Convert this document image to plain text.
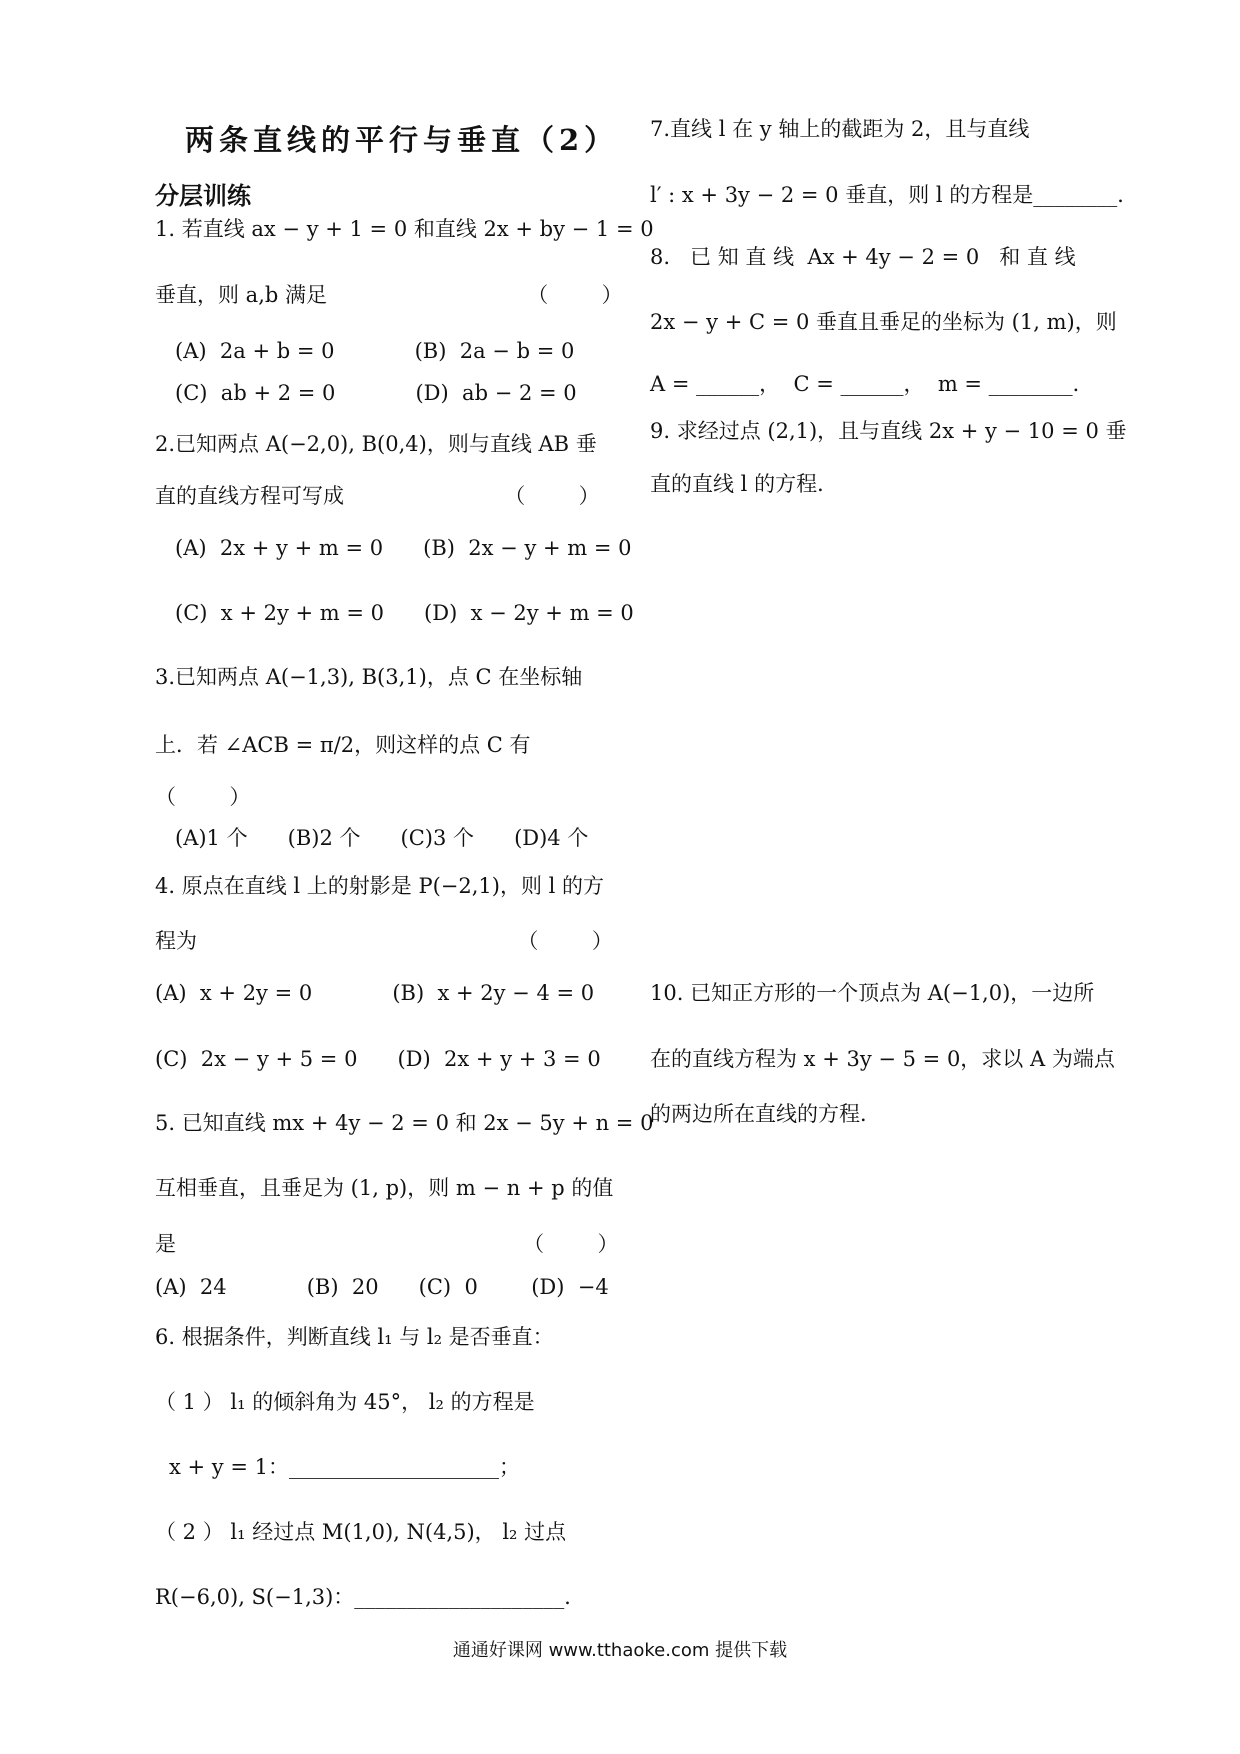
两条直线的平行与垂直（2）
分层训练
1. 若直线 ax − y + 1 = 0 和直线 2x + by − 1 = 0
垂直，则 a,b 满足                              （        ）
(A)  2a + b = 0            (B)  2a − b = 0
(C)  ab + 2 = 0            (D)  ab − 2 = 0
2.已知两点 A(−2,0), B(0,4)，则与直线 AB 垂
直的直线方程可写成                        （        ）
(A)  2x + y + m = 0      (B)  2x − y + m = 0
(C)  x + 2y + m = 0      (D)  x − 2y + m = 0
3.已知两点 A(−1,3), B(3,1)，点 C 在坐标轴
上．若 ∠ACB = π/2，则这样的点 C 有
（        ）
(A)1 个      (B)2 个      (C)3 个      (D)4 个
4. 原点在直线 l 上的射影是 P(−2,1)，则 l 的方
程为                                                （        ）
(A)  x + 2y = 0            (B)  x + 2y − 4 = 0
(C)  2x − y + 5 = 0      (D)  2x + y + 3 = 0
5. 已知直线 mx + 4y − 2 = 0 和 2x − 5y + n = 0
互相垂直，且垂足为 (1, p)，则 m − n + p 的值
是                                                    （        ）
(A)  24            (B)  20      (C)  0        (D)  −4
6. 根据条件，判断直线 l₁ 与 l₂ 是否垂直：
（ 1 ） l₁ 的倾斜角为 45°， l₂ 的方程是
x + y = 1：____________________；
（ 2 ） l₁ 经过点 M(1,0), N(4,5)， l₂ 过点
R(−6,0), S(−1,3)：____________________．
7.直线 l 在 y 轴上的截距为 2，且与直线
l′ : x + 3y − 2 = 0 垂直，则 l 的方程是________．
8.   已 知 直 线  Ax + 4y − 2 = 0   和 直 线
2x − y + C = 0 垂直且垂足的坐标为 (1, m)，则
A = ______，  C = ______，  m = ________．
9. 求经过点 (2,1)，且与直线 2x + y − 10 = 0 垂
直的直线 l 的方程．
10. 已知正方形的一个顶点为 A(−1,0)，一边所
在的直线方程为 x + 3y − 5 = 0，求以 A 为端点
的两边所在直线的方程．
通通好课网 www.tthaoke.com 提供下载
